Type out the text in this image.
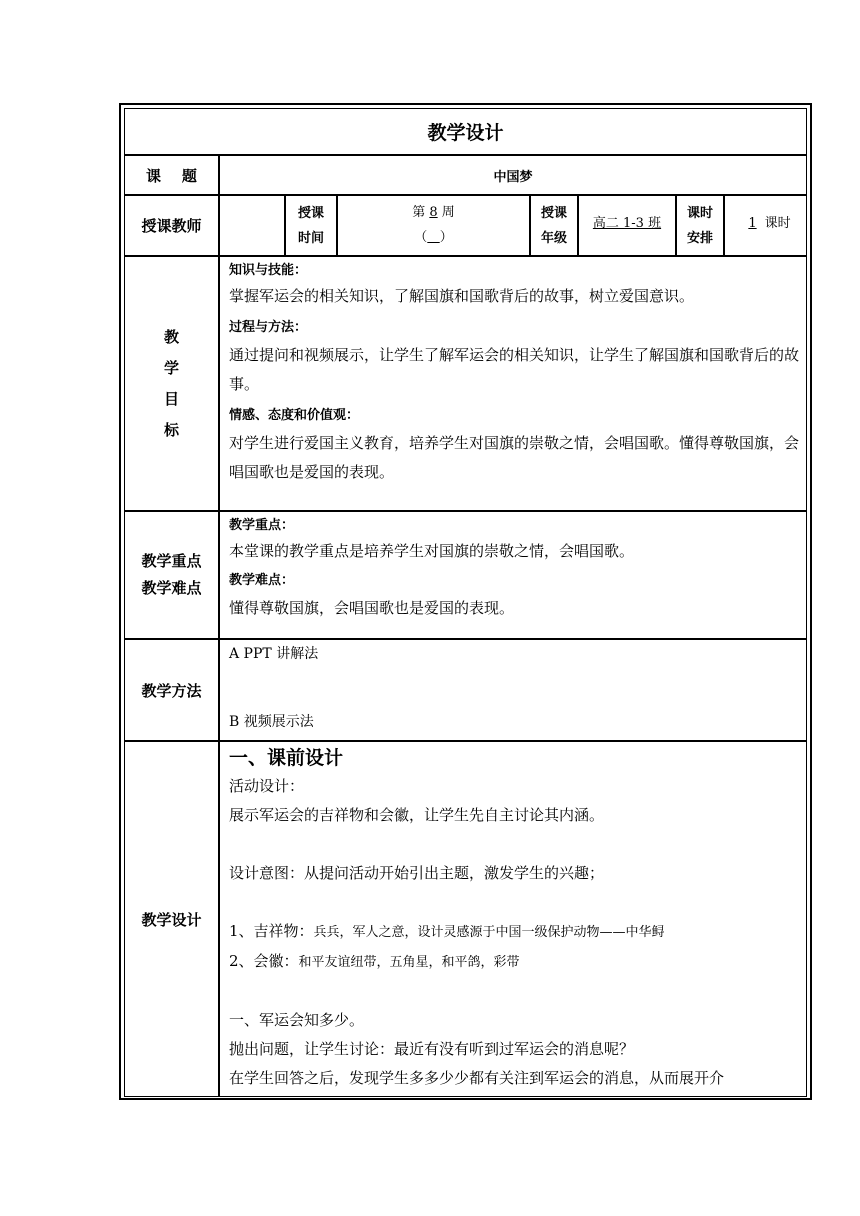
教学设计
课    题	中国梦
授课教师
授课
时间
第 8 周
（ ）
授课
年级
高二 1-3 班
课时
安排
1 课时
教
学
目
标
知识与技能：
掌握军运会的相关知识，了解国旗和国歌背后的故事，树立爱国意识。
过程与方法：
通过提问和视频展示，让学生了解军运会的相关知识，让学生了解国旗和国歌背后的故事。
情感、态度和价值观：
对学生进行爱国主义教育，培养学生对国旗的崇敬之情，会唱国歌。懂得尊敬国旗，会唱国歌也是爱国的表现。
教学重点
教学难点
教学重点：
本堂课的教学重点是培养学生对国旗的崇敬之情，会唱国歌。
教学难点：
懂得尊敬国旗，会唱国歌也是爱国的表现。
教学方法
A PPT 讲解法
B 视频展示法
教学设计
一、课前设计
活动设计：
展示军运会的吉祥物和会徽，让学生先自主讨论其内涵。
设计意图：从提问活动开始引出主题，激发学生的兴趣；
1、吉祥物：兵兵，军人之意，设计灵感源于中国一级保护动物——中华鲟
2、会徽：和平友谊纽带，五角星，和平鸽，彩带
一、军运会知多少。
抛出问题，让学生讨论：最近有没有听到过军运会的消息呢？
在学生回答之后，发现学生多多少少都有关注到军运会的消息，从而展开介
